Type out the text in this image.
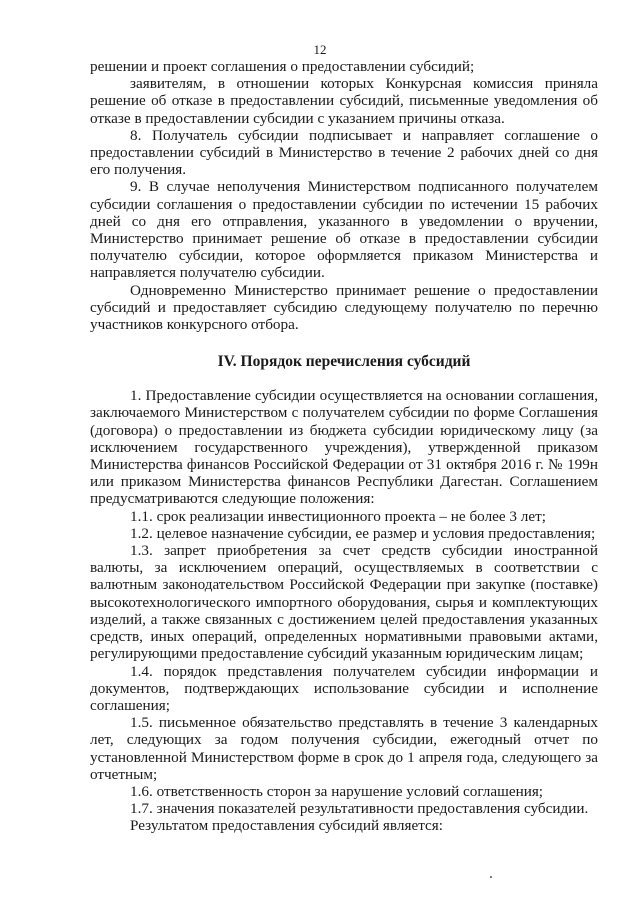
12

решении и проект соглашения о предоставлении субсидий;

заявителям, в отношении которых Конкурсная комиссия приняла решение об отказе в предоставлении субсидий, письменные уведомления об отказе в предоставлении субсидии с указанием причины отказа.

8. Получатель субсидии подписывает и направляет соглашение о предоставлении субсидий в Министерство в течение 2 рабочих дней со дня его получения.

9. В случае неполучения Министерством подписанного получателем субсидии соглашения о предоставлении субсидии по истечении 15 рабочих дней со дня его отправления, указанного в уведомлении о вручении, Министерство принимает решение об отказе в предоставлении субсидии получателю субсидии, которое оформляется приказом Министерства и направляется получателю субсидии.

Одновременно Министерство принимает решение о предоставлении субсидий и предоставляет субсидию следующему получателю по перечню участников конкурсного отбора.

IV. Порядок перечисления субсидий

1. Предоставление субсидии осуществляется на основании соглашения, заключаемого Министерством с получателем субсидии по форме Соглашения (договора) о предоставлении из бюджета субсидии юридическому лицу (за исключением государственного учреждения), утвержденной приказом Министерства финансов Российской Федерации от 31 октября 2016 г. № 199н или приказом Министерства финансов Республики Дагестан. Соглашением предусматриваются следующие положения:

1.1. срок реализации инвестиционного проекта – не более 3 лет;

1.2. целевое назначение субсидии, ее размер и условия предоставления;

1.3. запрет приобретения за счет средств субсидии иностранной валюты, за исключением операций, осуществляемых в соответствии с валютным законодательством Российской Федерации при закупке (поставке) высокотехнологического импортного оборудования, сырья и комплектующих изделий, а также связанных с достижением целей предоставления указанных средств, иных операций, определенных нормативными правовыми актами, регулирующими предоставление субсидий указанным юридическим лицам;

1.4. порядок представления получателем субсидии информации и документов, подтверждающих использование субсидии и исполнение соглашения;

1.5. письменное обязательство представлять в течение 3 календарных лет, следующих за годом получения субсидии, ежегодный отчет по установленной Министерством форме в срок до 1 апреля года, следующего за отчетным;

1.6. ответственность сторон за нарушение условий соглашения;

1.7. значения показателей результативности предоставления субсидии.

Результатом предоставления субсидий является:
